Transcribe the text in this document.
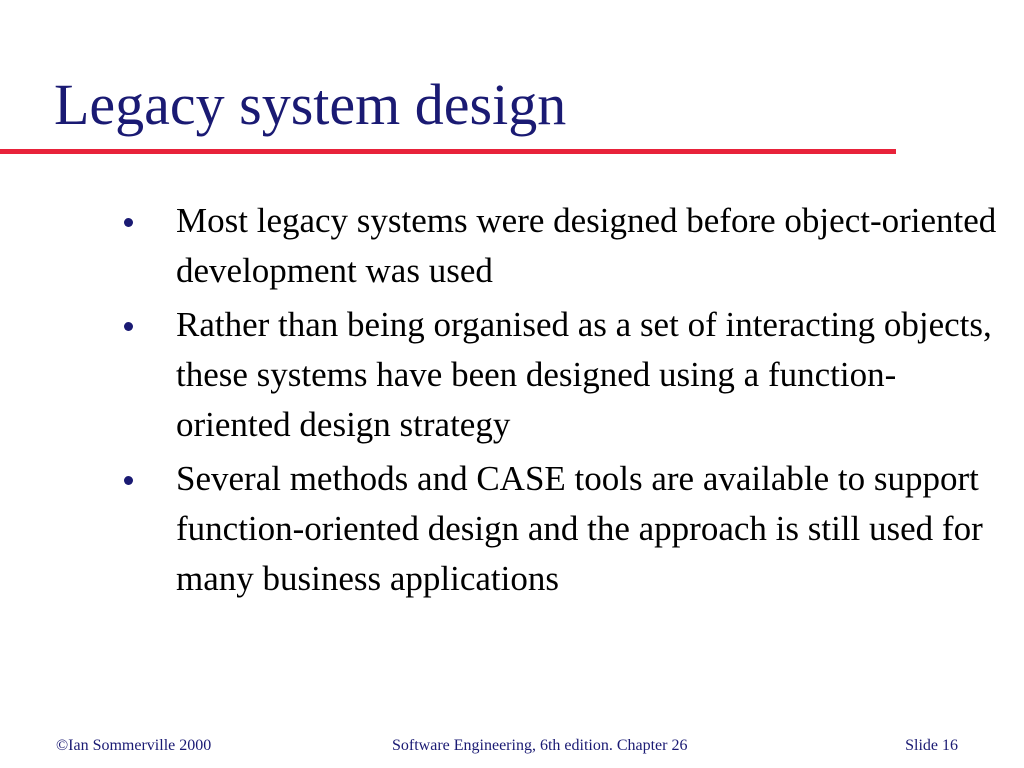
Legacy system design
Most legacy systems were designed before object-oriented development was used
Rather than being organised as a set of interacting objects, these systems have been designed using a function-oriented design strategy
Several methods and CASE tools are available to support function-oriented design and the approach is still used for many business applications
©Ian Sommerville 2000	Software Engineering, 6th edition. Chapter 26	Slide 16
